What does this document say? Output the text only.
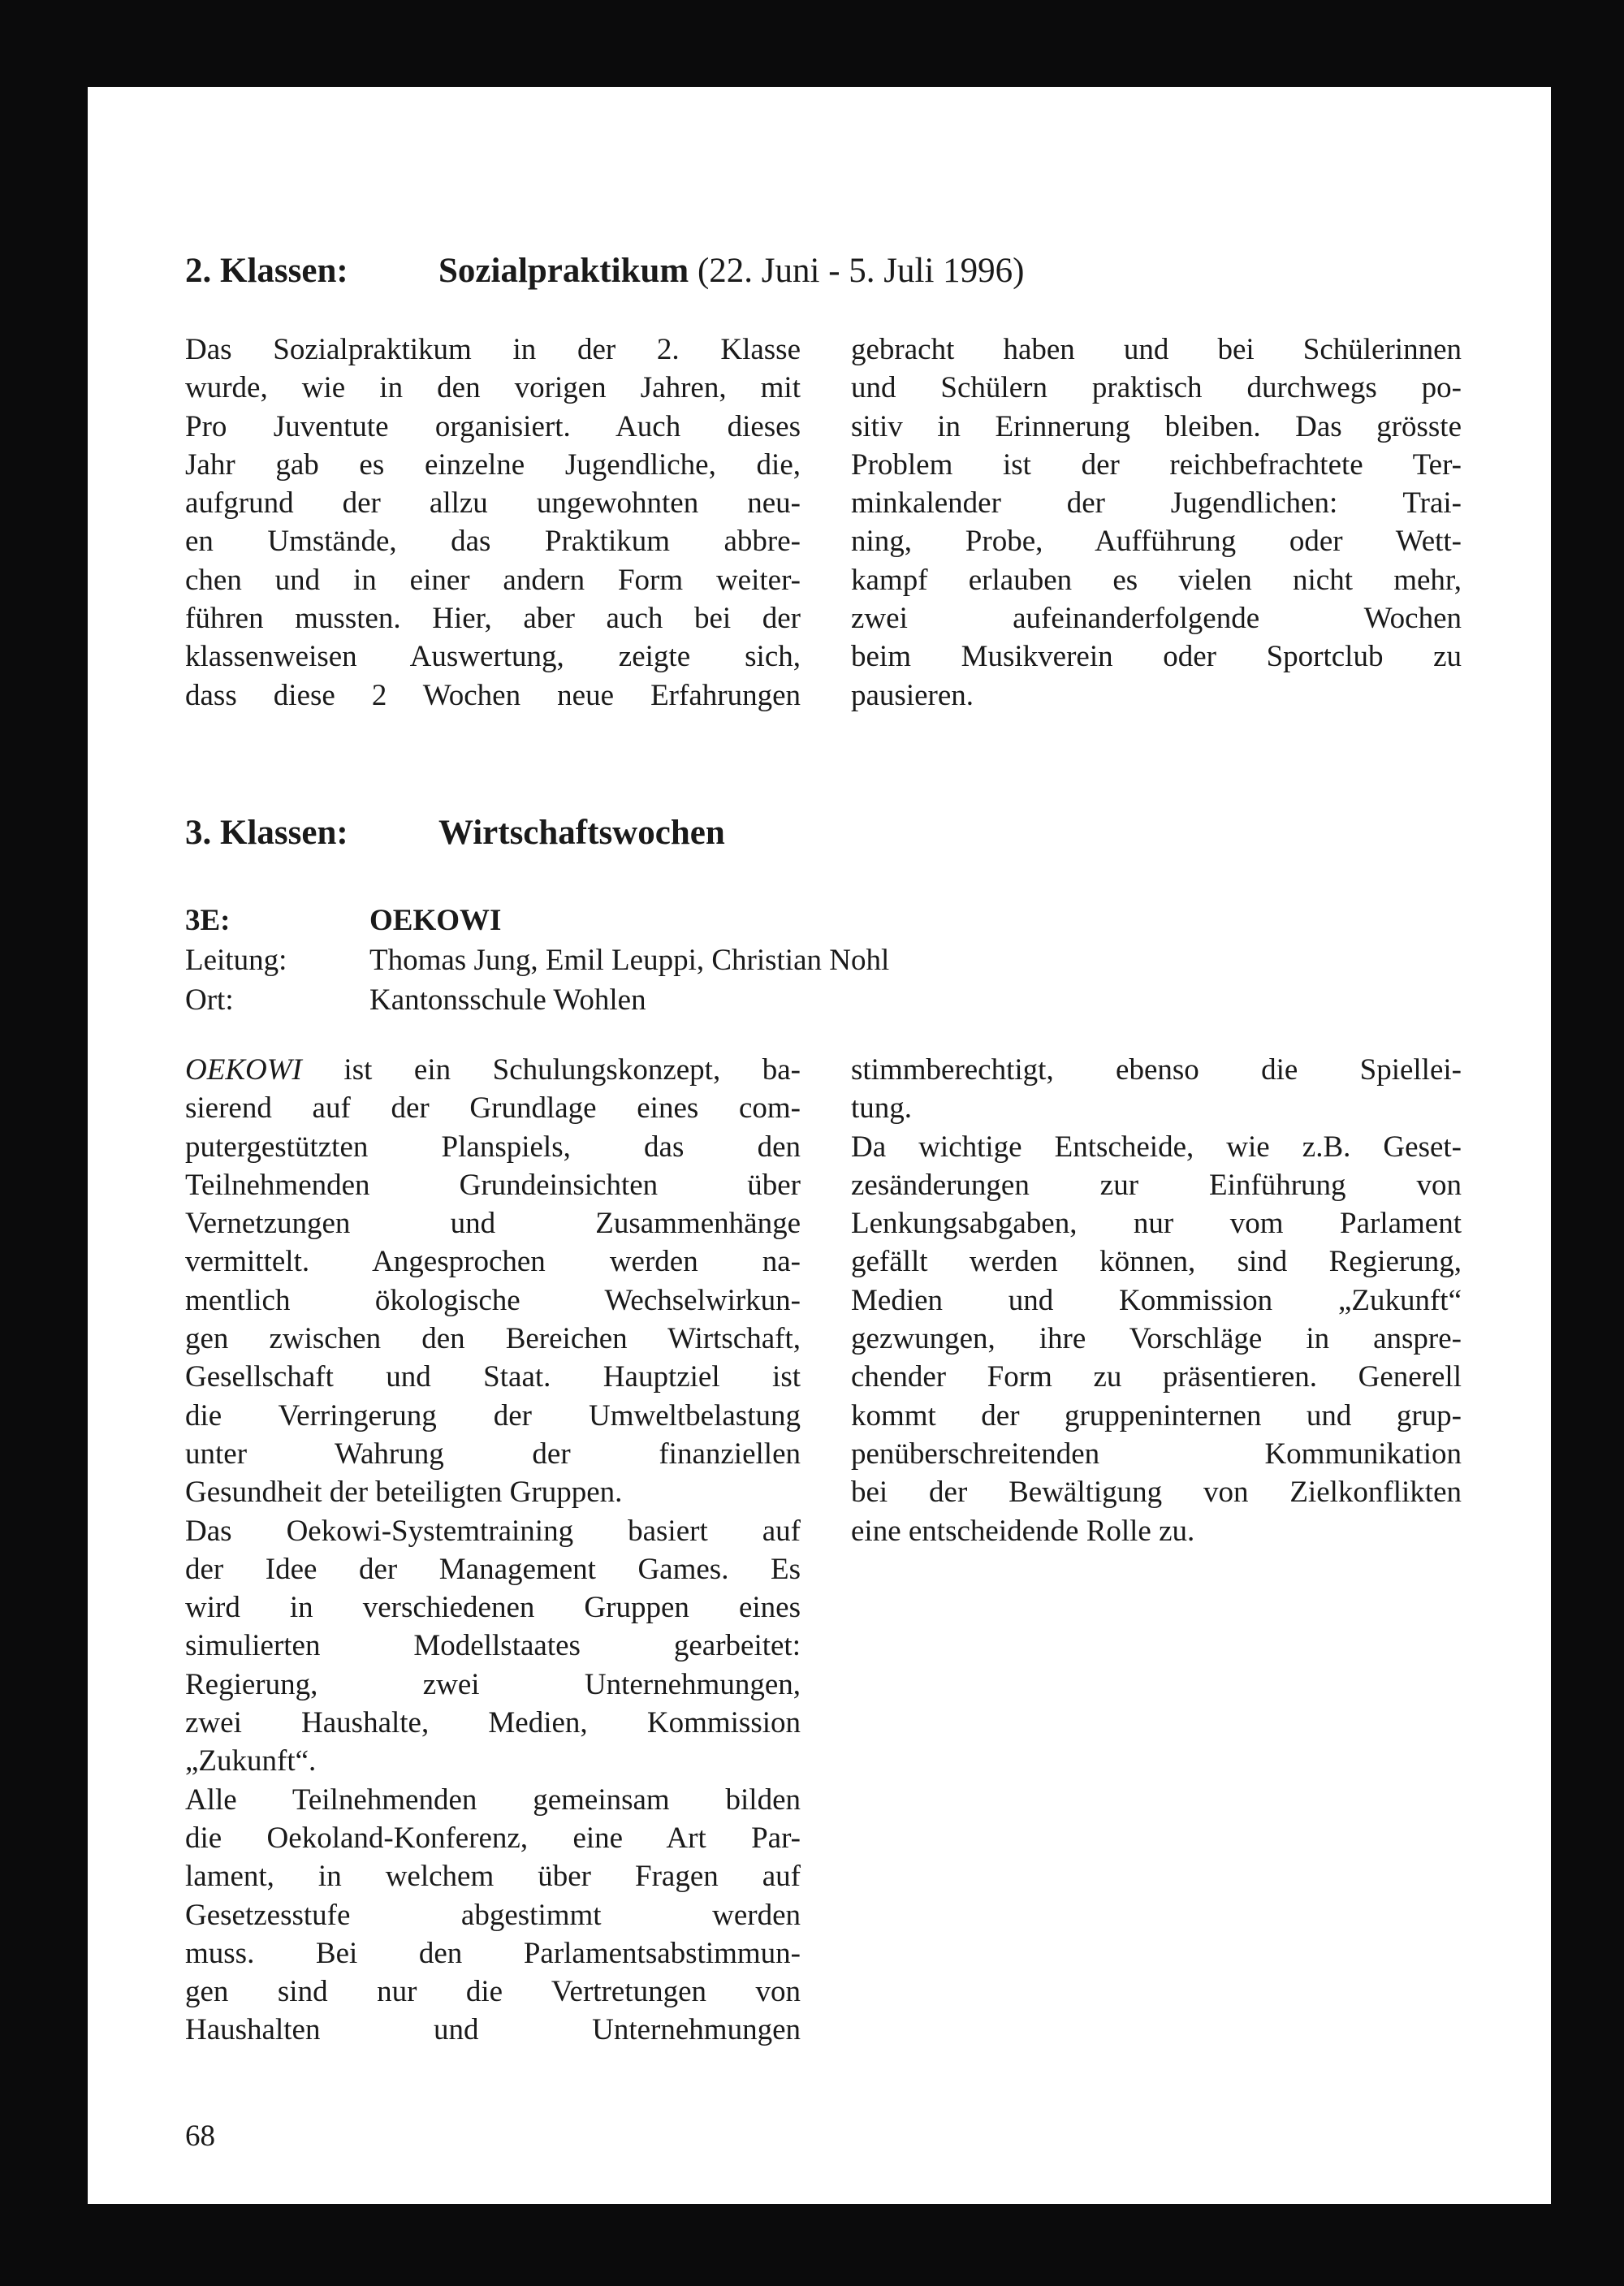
2. Klassen:	Sozialpraktikum (22. Juni - 5. Juli 1996)
Das Sozialpraktikum in der 2. Klasse
wurde, wie in den vorigen Jahren, mit
Pro Juventute organisiert. Auch dieses
Jahr gab es einzelne Jugendliche, die,
aufgrund der allzu ungewohnten neu-
en Umstände, das Praktikum abbre-
chen und in einer andern Form weiter-
führen mussten. Hier, aber auch bei der
klassenweisen Auswertung, zeigte sich,
dass diese 2 Wochen neue Erfahrungen
gebracht haben und bei Schülerinnen
und Schülern praktisch durchwegs po-
sitiv in Erinnerung bleiben. Das grösste
Problem ist der reichbefrachtete Ter-
minkalender der Jugendlichen: Trai-
ning, Probe, Aufführung oder Wett-
kampf erlauben es vielen nicht mehr,
zwei aufeinanderfolgende Wochen
beim Musikverein oder Sportclub zu
pausieren.
3. Klassen:	Wirtschaftswochen
3E:	OEKOWI
Leitung:	Thomas Jung, Emil Leuppi, Christian Nohl
Ort:	Kantonsschule Wohlen
OEKOWI ist ein Schulungskonzept, ba-
sierend auf der Grundlage eines com-
putergestützten Planspiels, das den
Teilnehmenden Grundeinsichten über
Vernetzungen und Zusammenhänge
vermittelt. Angesprochen werden na-
mentlich ökologische Wechselwirkun-
gen zwischen den Bereichen Wirtschaft,
Gesellschaft und Staat. Hauptziel ist
die Verringerung der Umweltbelastung
unter Wahrung der finanziellen
Gesundheit der beteiligten Gruppen.
Das Oekowi-Systemtraining basiert auf
der Idee der Management Games. Es
wird in verschiedenen Gruppen eines
simulierten Modellstaates gearbeitet:
Regierung, zwei Unternehmungen,
zwei Haushalte, Medien, Kommission
„Zukunft“.
Alle Teilnehmenden gemeinsam bilden
die Oekoland-Konferenz, eine Art Par-
lament, in welchem über Fragen auf
Gesetzesstufe abgestimmt werden
muss. Bei den Parlamentsabstimmun-
gen sind nur die Vertretungen von
Haushalten und Unternehmungen
stimmberechtigt, ebenso die Spiellei-
tung.
Da wichtige Entscheide, wie z.B. Geset-
zesänderungen zur Einführung von
Lenkungsabgaben, nur vom Parlament
gefällt werden können, sind Regierung,
Medien und Kommission „Zukunft“
gezwungen, ihre Vorschläge in anspre-
chender Form zu präsentieren. Generell
kommt der gruppeninternen und grup-
penüberschreitenden Kommunikation
bei der Bewältigung von Zielkonflikten
eine entscheidende Rolle zu.
68
